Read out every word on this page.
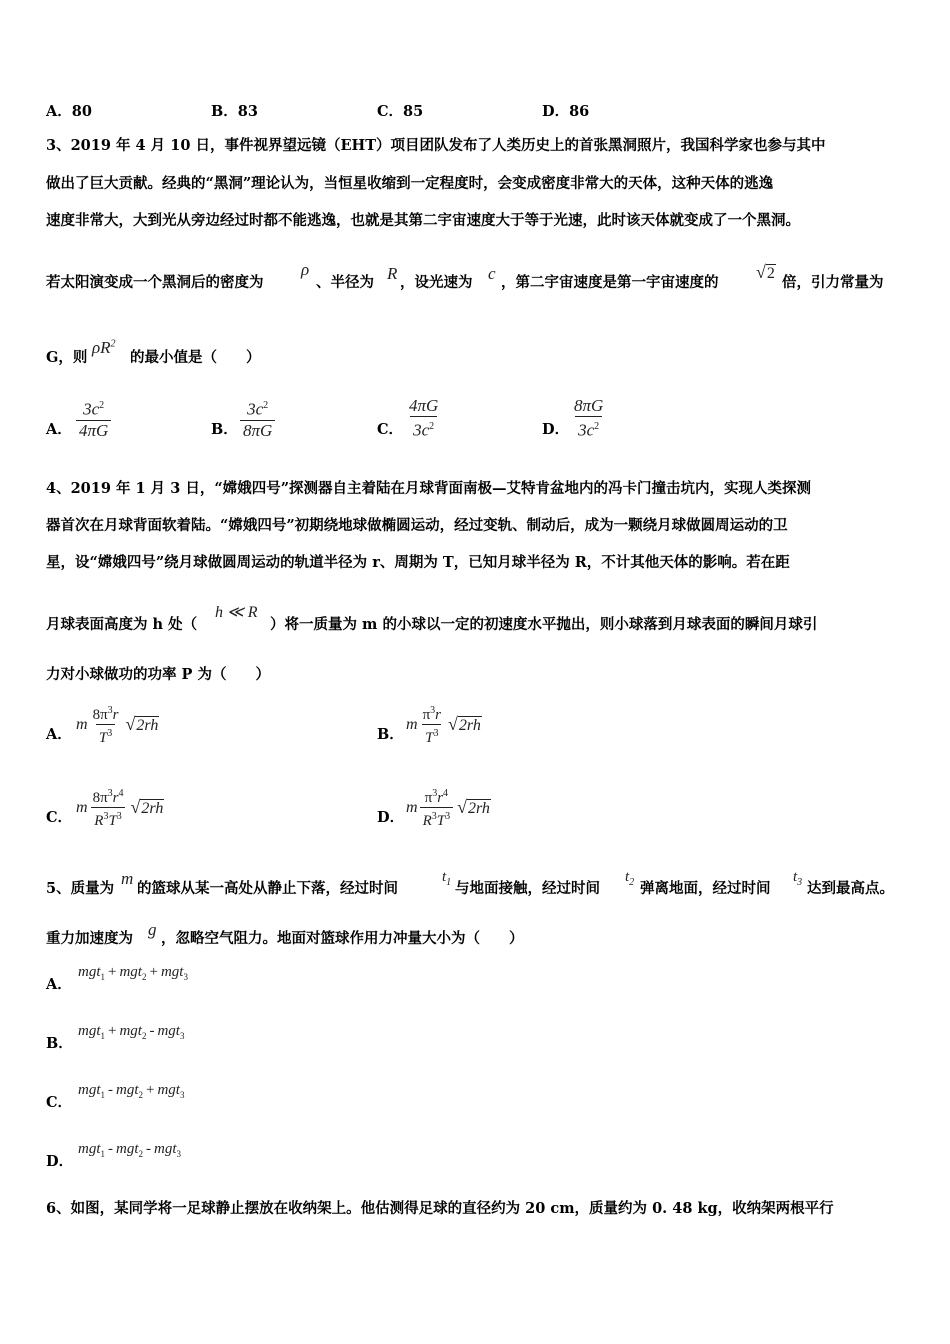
A．80	B．83	C．85	D．86
3、2019 年 4 月 10 日，事件视界望远镜（EHT）项目团队发布了人类历史上的首张黑洞照片，我国科学家也参与其中
做出了巨大贡献。经典的“黑洞”理论认为，当恒星收缩到一定程度时，会变成密度非常大的天体，这种天体的逃逸
速度非常大，大到光从旁边经过时都不能逃逸，也就是其第二宇宙速度大于等于光速，此时该天体就变成了一个黑洞。
若太阳演变成一个黑洞后的密度为
ρ
、半径为 R ，设光速为 c ，第二宇宙速度是第一宇宙速度的
√ 2
倍，引力常量为
G，则
$\rho R^2$
的最小值是（　　）
A． $\frac{3c^2}{4\pi G}$	B． $\frac{3c^2}{8\pi G}$	C． $\frac{4\pi G}{3c^2}$	D． $\frac{8\pi G}{3c^2}$
4、2019 年 1 月 3 日，“嫦娥四号”探测器自主着陆在月球背面南极—艾特肯盆地内的冯卡门撞击坑内，实现人类探测
器首次在月球背面软着陆。“嫦娥四号”初期绕地球做椭圆运动，经过变轨、制动后，成为一颗绕月球做圆周运动的卫
星，设“嫦娥四号”绕月球做圆周运动的轨道半径为 r、周期为 T，已知月球半径为 R，不计其他天体的影响。若在距
月球表面高度为 h 处（
h ≪ R
）将一质量为 m 的小球以一定的初速度水平抛出，则小球落到月球表面的瞬间月球引
力对小球做功的功率 P 为（　　）
A．
m $\frac{8\pi^3r}{T^3}$ √ 2rh
B．
m $\frac{\pi^3r}{T^3}$ √ 2rh
C．
m $\frac{8\pi^3r^4}{R^3T^3}$ √ 2rh
D．
m $\frac{\pi^3r^4}{R^3T^3}$ √ 2rh
5、质量为
m
的篮球从某一高处从静止下落，经过时间
$t_1$ 与地面接触，经过时间
$t_2$ 弹离地面，经过时间
$t_3$ 达到最高点。
重力加速度为 g ，忽略空气阻力。地面对篮球作用力冲量大小为（　　）
A．
mgt$_1$ + mgt$_2$ + mgt$_3$
B．
mgt$_1$ + mgt$_2$ - mgt$_3$
C．
mgt$_1$ - mgt$_2$ + mgt$_3$
D．
mgt$_1$ - mgt$_2$ - mgt$_3$
6、如图，某同学将一足球静止摆放在收纳架上。他估测得足球的直径约为 20 cm，质量约为 0. 48 kg，收纳架两根平行
